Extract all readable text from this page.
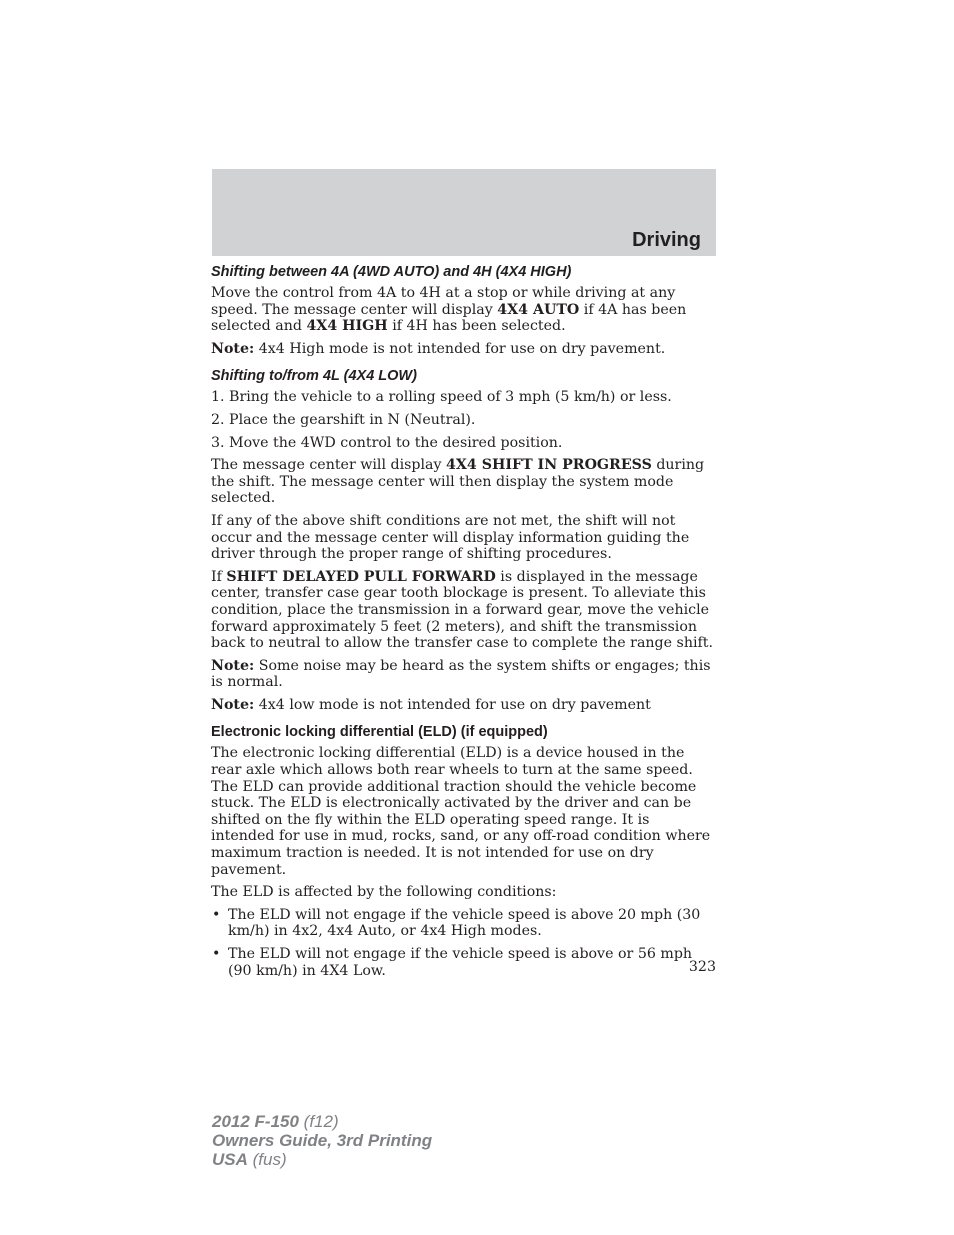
Driving
Shifting between 4A (4WD AUTO) and 4H (4X4 HIGH)

Move the control from 4A to 4H at a stop or while driving at any speed. The message center will display 4X4 AUTO if 4A has been selected and 4X4 HIGH if 4H has been selected.

Note: 4x4 High mode is not intended for use on dry pavement.

Shifting to/from 4L (4X4 LOW)

1. Bring the vehicle to a rolling speed of 3 mph (5 km/h) or less.

2. Place the gearshift in N (Neutral).

3. Move the 4WD control to the desired position.

The message center will display 4X4 SHIFT IN PROGRESS during the shift. The message center will then display the system mode selected.

If any of the above shift conditions are not met, the shift will not occur and the message center will display information guiding the driver through the proper range of shifting procedures.

If SHIFT DELAYED PULL FORWARD is displayed in the message center, transfer case gear tooth blockage is present. To alleviate this condition, place the transmission in a forward gear, move the vehicle forward approximately 5 feet (2 meters), and shift the transmission back to neutral to allow the transfer case to complete the range shift.

Note: Some noise may be heard as the system shifts or engages; this is normal.

Note: 4x4 low mode is not intended for use on dry pavement

Electronic locking differential (ELD) (if equipped)

The electronic locking differential (ELD) is a device housed in the rear axle which allows both rear wheels to turn at the same speed. The ELD can provide additional traction should the vehicle become stuck. The ELD is electronically activated by the driver and can be shifted on the fly within the ELD operating speed range. It is intended for use in mud, rocks, sand, or any off-road condition where maximum traction is needed. It is not intended for use on dry pavement.

The ELD is affected by the following conditions:

• The ELD will not engage if the vehicle speed is above 20 mph (30 km/h) in 4x2, 4x4 Auto, or 4x4 High modes.
• The ELD will not engage if the vehicle speed is above or 56 mph (90 km/h) in 4X4 Low.	323
2012 F-150 (f12)
Owners Guide, 3rd Printing
USA (fus)
